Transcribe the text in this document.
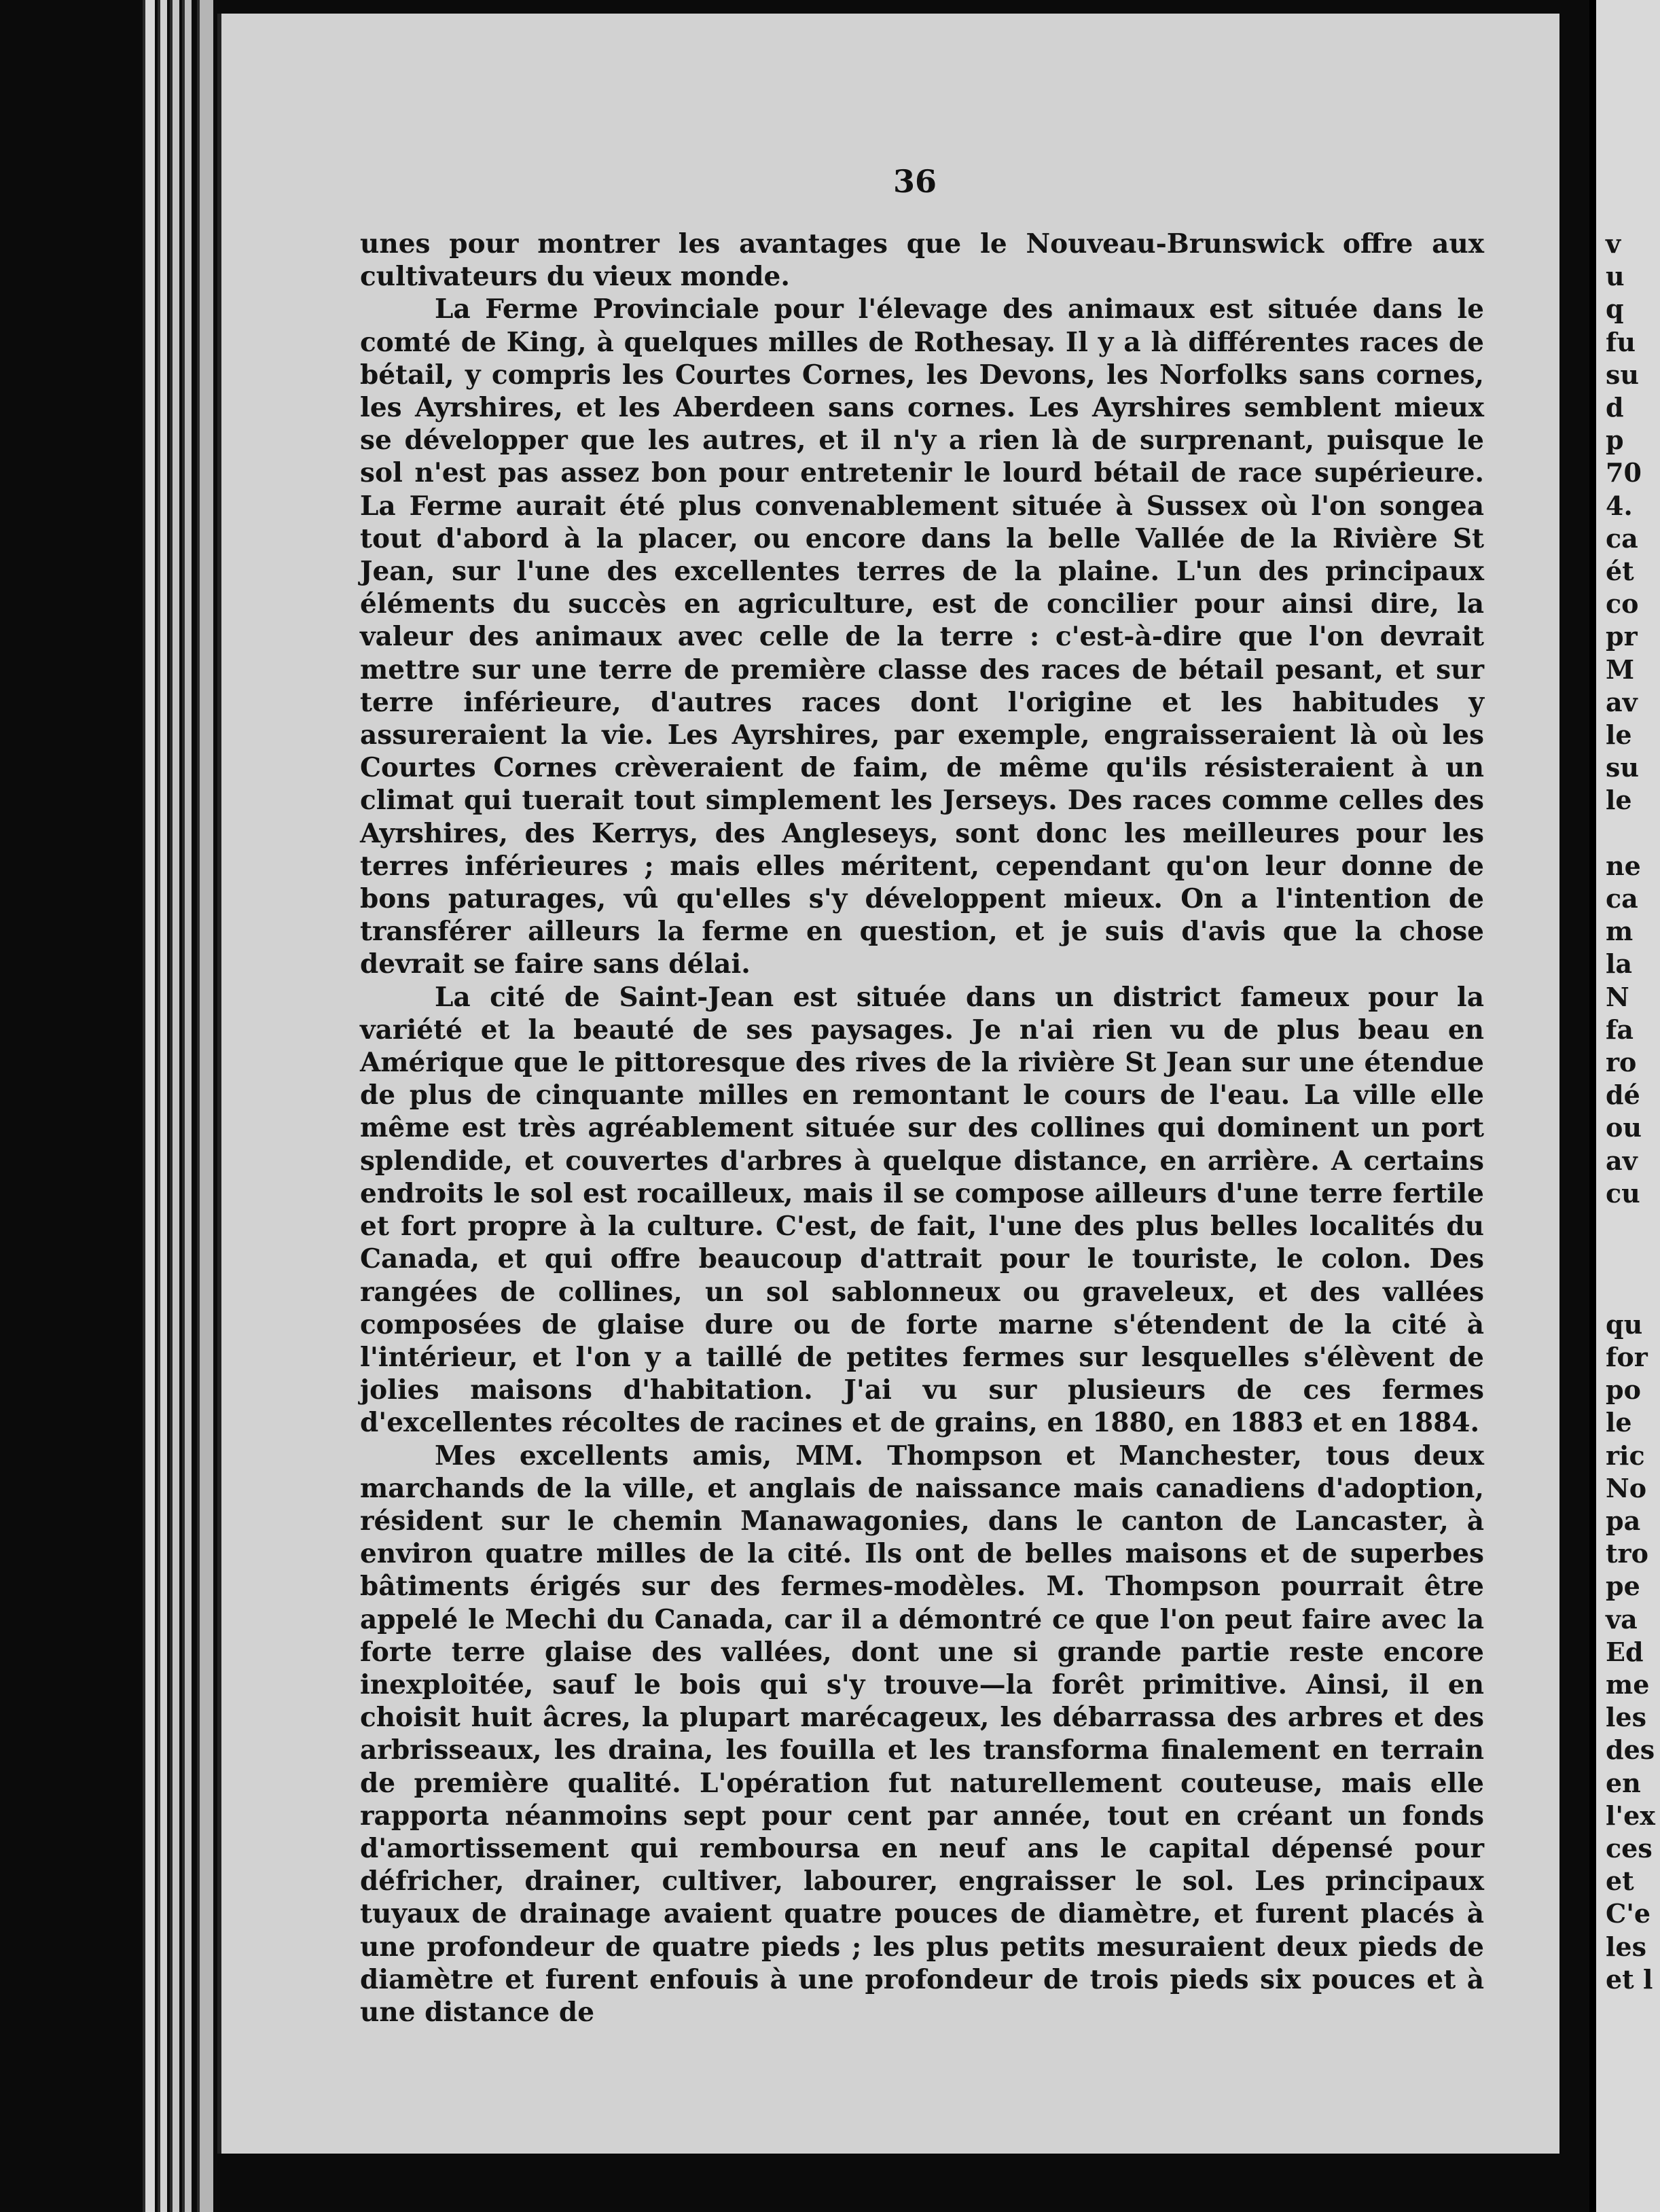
36

unes pour montrer les avantages que le Nouveau-Brunswick offre aux cultivateurs du vieux monde.

La Ferme Provinciale pour l'élevage des animaux est située dans le comté de King, à quelques milles de Rothesay. Il y a là différentes races de bétail, y compris les Courtes Cornes, les Devons, les Norfolks sans cornes, les Ayrshires, et les Aberdeen sans cornes. Les Ayrshires semblent mieux se développer que les autres, et il n'y a rien là de surprenant, puisque le sol n'est pas assez bon pour entretenir le lourd bétail de race supérieure. La Ferme aurait été plus convenablement située à Sussex où l'on songea tout d'abord à la placer, ou encore dans la belle Vallée de la Rivière St Jean, sur l'une des excellentes terres de la plaine. L'un des principaux éléments du succès en agriculture, est de concilier pour ainsi dire, la valeur des animaux avec celle de la terre : c'est-à-dire que l'on devrait mettre sur une terre de première classe des races de bétail pesant, et sur terre inférieure, d'autres races dont l'origine et les habitudes y assureraient la vie. Les Ayrshires, par exemple, engraisseraient là où les Courtes Cornes crèveraient de faim, de même qu'ils résisteraient à un climat qui tuerait tout simplement les Jerseys. Des races comme celles des Ayrshires, des Kerrys, des Angleseys, sont donc les meilleures pour les terres inférieures ; mais elles méritent, cependant qu'on leur donne de bons paturages, vû qu'elles s'y développent mieux. On a l'intention de transférer ailleurs la ferme en question, et je suis d'avis que la chose devrait se faire sans délai.

La cité de Saint-Jean est située dans un district fameux pour la variété et la beauté de ses paysages. Je n'ai rien vu de plus beau en Amérique que le pittoresque des rives de la rivière St Jean sur une étendue de plus de cinquante milles en remontant le cours de l'eau. La ville elle même est très agréablement située sur des collines qui dominent un port splendide, et couvertes d'arbres à quelque distance, en arrière. A certains endroits le sol est rocailleux, mais il se compose ailleurs d'une terre fertile et fort propre à la culture. C'est, de fait, l'une des plus belles localités du Canada, et qui offre beaucoup d'attrait pour le touriste, le colon. Des rangées de collines, un sol sablonneux ou graveleux, et des vallées composées de glaise dure ou de forte marne s'étendent de la cité à l'intérieur, et l'on y a taillé de petites fermes sur lesquelles s'élèvent de jolies maisons d'habitation. J'ai vu sur plusieurs de ces fermes d'excellentes récoltes de racines et de grains, en 1880, en 1883 et en 1884.

Mes excellents amis, MM. Thompson et Manchester, tous deux marchands de la ville, et anglais de naissance mais canadiens d'adoption, résident sur le chemin Manawagonies, dans le canton de Lancaster, à environ quatre milles de la cité. Ils ont de belles maisons et de superbes bâtiments érigés sur des fermes-modèles. M. Thompson pourrait être appelé le Mechi du Canada, car il a démontré ce que l'on peut faire avec la forte terre glaise des vallées, dont une si grande partie reste encore inexploitée, sauf le bois qui s'y trouve—la forêt primitive. Ainsi, il en choisit huit âcres, la plupart marécageux, les débarrassa des arbres et des arbrisseaux, les draina, les fouilla et les transforma finalement en terrain de première qualité. L'opération fut naturellement couteuse, mais elle rapporta néanmoins sept pour cent par année, tout en créant un fonds d'amortissement qui remboursa en neuf ans le capital dépensé pour défricher, drainer, cultiver, labourer, engraisser le sol. Les principaux tuyaux de drainage avaient quatre pouces de diamètre, et furent placés à une profondeur de quatre pieds ; les plus petits mesuraient deux pieds de diamètre et furent enfouis à une profondeur de trois pieds six pouces et à une distance de

v
u
q
fu
su
d
p
70
4.
ca
ét
co
pr
M
av
le
su
le

ne
ca
m
la
N
fa
ro
dé
ou
av
cu

qu
for
po
le
ric
No
pa
tro
pe
va
Ed
me
les
des
en
l'ex
ces
et
C'e
les
et l
